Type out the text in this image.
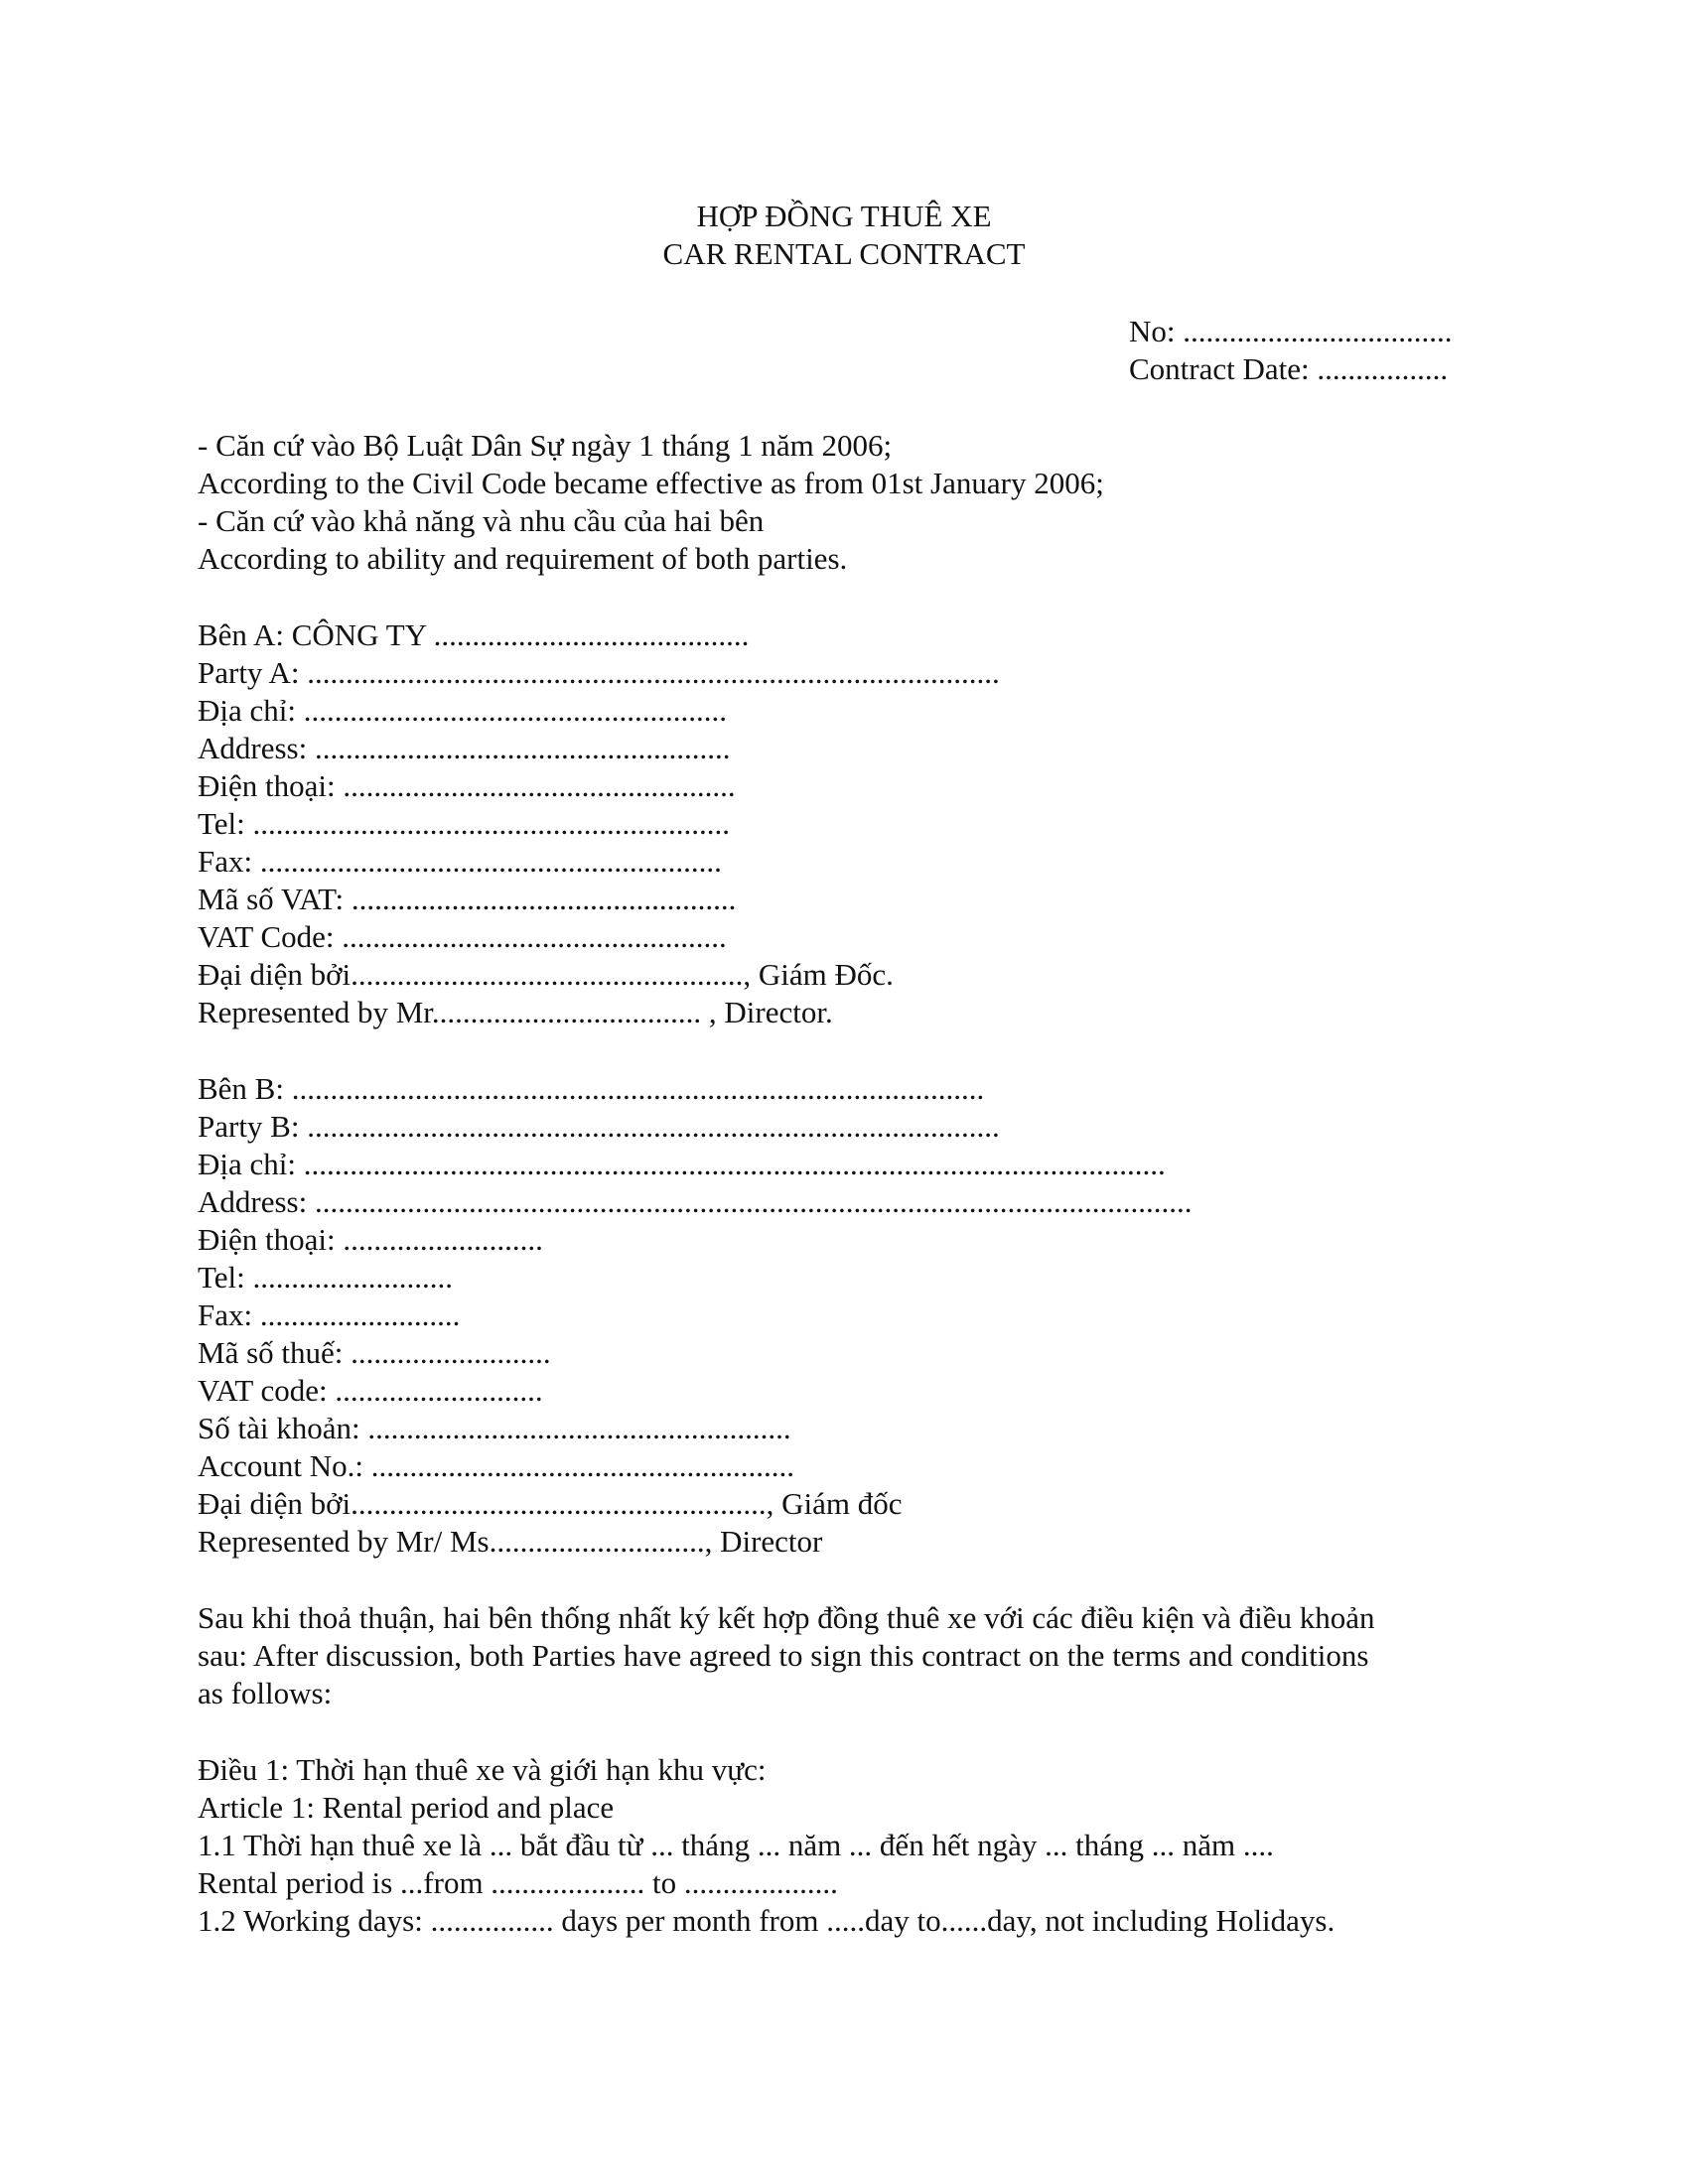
HỢP ĐỒNG THUÊ XE
CAR RENTAL CONTRACT
No: ...................................
Contract Date: .................
- Căn cứ vào Bộ Luật Dân Sự ngày 1 tháng 1 năm 2006;
According to the Civil Code became effective as from 01st January 2006;
- Căn cứ vào khả năng và nhu cầu của hai bên
According to ability and requirement of both parties.
Bên A: CÔNG TY .........................................
Party A: ..........................................................................................
Địa chỉ: .......................................................
Address: ......................................................
Điện thoại: ...................................................
Tel: ..............................................................
Fax: ............................................................
Mã số VAT: ..................................................
VAT Code: ..................................................
Đại diện bởi..................................................., Giám Đốc.
Represented by Mr................................... , Director.
Bên B: ..........................................................................................
Party B: ..........................................................................................
Địa chỉ: ................................................................................................................
Address: ..................................................................................................................
Điện thoại: ..........................
Tel: ..........................
Fax: ..........................
Mã số thuế: ..........................
VAT code: ...........................
Số tài khoản: .......................................................
Account No.: .......................................................
Đại diện bởi......................................................, Giám đốc
Represented by Mr/ Ms............................, Director
Sau khi thoả thuận, hai bên thống nhất ký kết hợp đồng thuê xe với các điều kiện và điều khoản
sau: After discussion, both Parties have agreed to sign this contract on the terms and conditions
as follows:
Điều 1: Thời hạn thuê xe và giới hạn khu vực:
Article 1: Rental period and place
1.1 Thời hạn thuê xe là ... bắt đầu từ ... tháng ... năm ... đến hết ngày ... tháng ... năm ....
Rental period is ...from .................... to ....................
1.2 Working days: ................ days per month from .....day to......day, not including Holidays.
